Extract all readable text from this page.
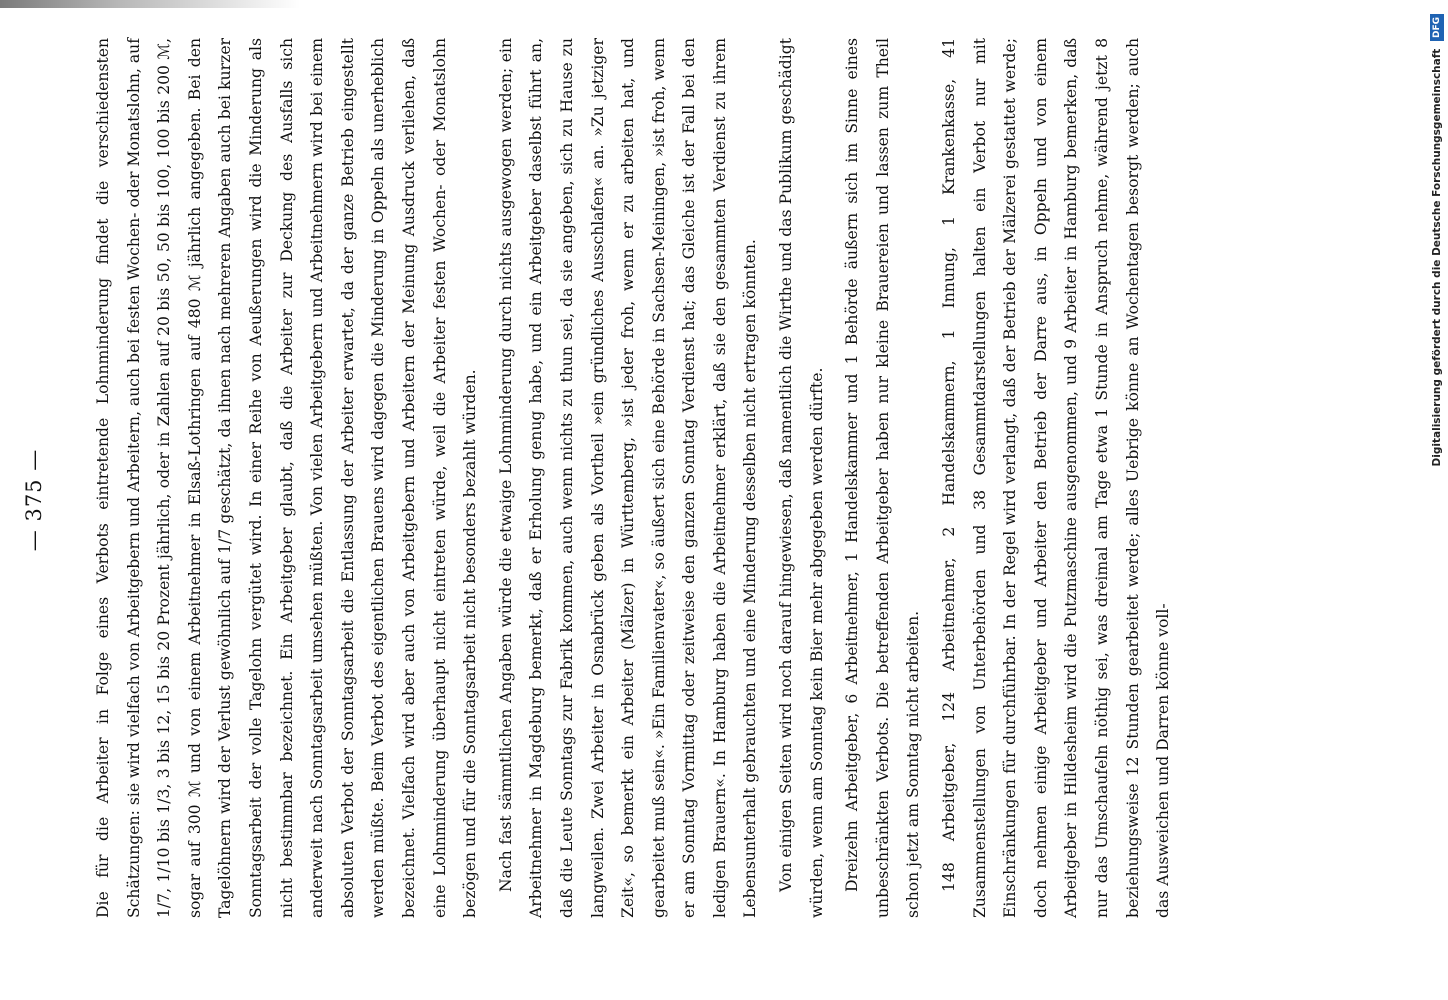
— 375 —	Die für die Arbeiter in Folge eines Verbots eintretende Lohnminderung findet die verschiedensten Schätzungen: sie wird vielfach von Arbeitgebern und Arbeitern, auch bei festen Wochen- oder Monatslohn, auf 1/7, 1/10 bis 1/3, 3 bis 12, 15 bis 20 Prozent jährlich, oder in Zahlen auf 20 bis 50, 50 bis 100, 100 bis 200 ℳ, sogar auf 300 ℳ und von einem Arbeitnehmer in Elsaß-Lothringen auf 480 ℳ jährlich angegeben. Bei den Tagelöhnern wird der Verlust gewöhnlich auf 1/7 geschätzt, da ihnen nach mehreren Angaben auch bei kurzer Sonntagsarbeit der volle Tagelohn vergütet wird. In einer Reihe von Aeußerungen wird die Minderung als nicht bestimmbar bezeichnet. Ein Arbeitgeber glaubt, daß die Arbeiter zur Deckung des Ausfalls sich anderweit nach Sonntagsarbeit umsehen müßten. Von vielen Arbeitgebern und Arbeitnehmern wird bei einem absoluten Verbot der Sonntagsarbeit die Entlassung der Arbeiter erwartet, da der ganze Betrieb eingestellt werden müßte. Beim Verbot des eigentlichen Brauens wird dagegen die Minderung in Oppeln als unerheblich bezeichnet. Vielfach wird aber auch von Arbeitgebern und Arbeitern der Meinung Ausdruck verliehen, daß eine Lohnminderung überhaupt nicht eintreten würde, weil die Arbeiter festen Wochen- oder Monatslohn bezögen und für die Sonntagsarbeit nicht besonders bezahlt würden.	Nach fast sämmtlichen Angaben würde die etwaige Lohnminderung durch nichts ausgewogen werden; ein Arbeitnehmer in Magdeburg bemerkt, daß er Erholung genug habe, und ein Arbeitgeber daselbst führt an, daß die Leute Sonntags zur Fabrik kommen, auch wenn nichts zu thun sei, da sie angeben, sich zu Hause zu langweilen. Zwei Arbeiter in Osnabrück geben als Vortheil »ein gründliches Ausschlafen« an. »Zu jetziger Zeit«, so bemerkt ein Arbeiter (Mälzer) in Württemberg, »ist jeder froh, wenn er zu arbeiten hat, und gearbeitet muß sein«. »Ein Familienvater«, so äußert sich eine Behörde in Sachsen-Meiningen, »ist froh, wenn er am Sonntag Vormittag oder zeitweise den ganzen Sonntag Verdienst hat; das Gleiche ist der Fall bei den ledigen Brauern«. In Hamburg haben die Arbeitnehmer erklärt, daß sie den gesammten Verdienst zu ihrem Lebensunterhalt gebrauchten und eine Minderung desselben nicht ertragen könnten.	Von einigen Seiten wird noch darauf hingewiesen, daß namentlich die Wirthe und das Publikum geschädigt würden, wenn am Sonntag kein Bier mehr abgegeben werden dürfte.	Dreizehn Arbeitgeber, 6 Arbeitnehmer, 1 Handelskammer und 1 Behörde äußern sich im Sinne eines unbeschränkten Verbots. Die betreffenden Arbeitgeber haben nur kleine Brauereien und lassen zum Theil schon jetzt am Sonntag nicht arbeiten.	148 Arbeitgeber, 124 Arbeitnehmer, 2 Handelskammern, 1 Innung, 1 Krankenkasse, 41 Zusammenstellungen von Unterbehörden und 38 Gesammtdarstellungen halten ein Verbot nur mit Einschränkungen für durchführbar. In der Regel wird verlangt, daß der Betrieb der Mälzerei gestattet werde; doch nehmen einige Arbeitgeber und Arbeiter den Betrieb der Darre aus, in Oppeln und von einem Arbeitgeber in Hildesheim wird die Putzmaschine ausgenommen, und 9 Arbeiter in Hamburg bemerken, daß nur das Umschaufeln nöthig sei, was dreimal am Tage etwa 1 Stunde in Anspruch nehme, während jetzt 8 beziehungsweise 12 Stunden gearbeitet werde; alles Uebrige könne an Wochentagen besorgt werden; auch das Ausweichen und Darren könne voll-

Digitalisierung gefördert durch die Deutsche Forschungsgemeinschaft DFG
